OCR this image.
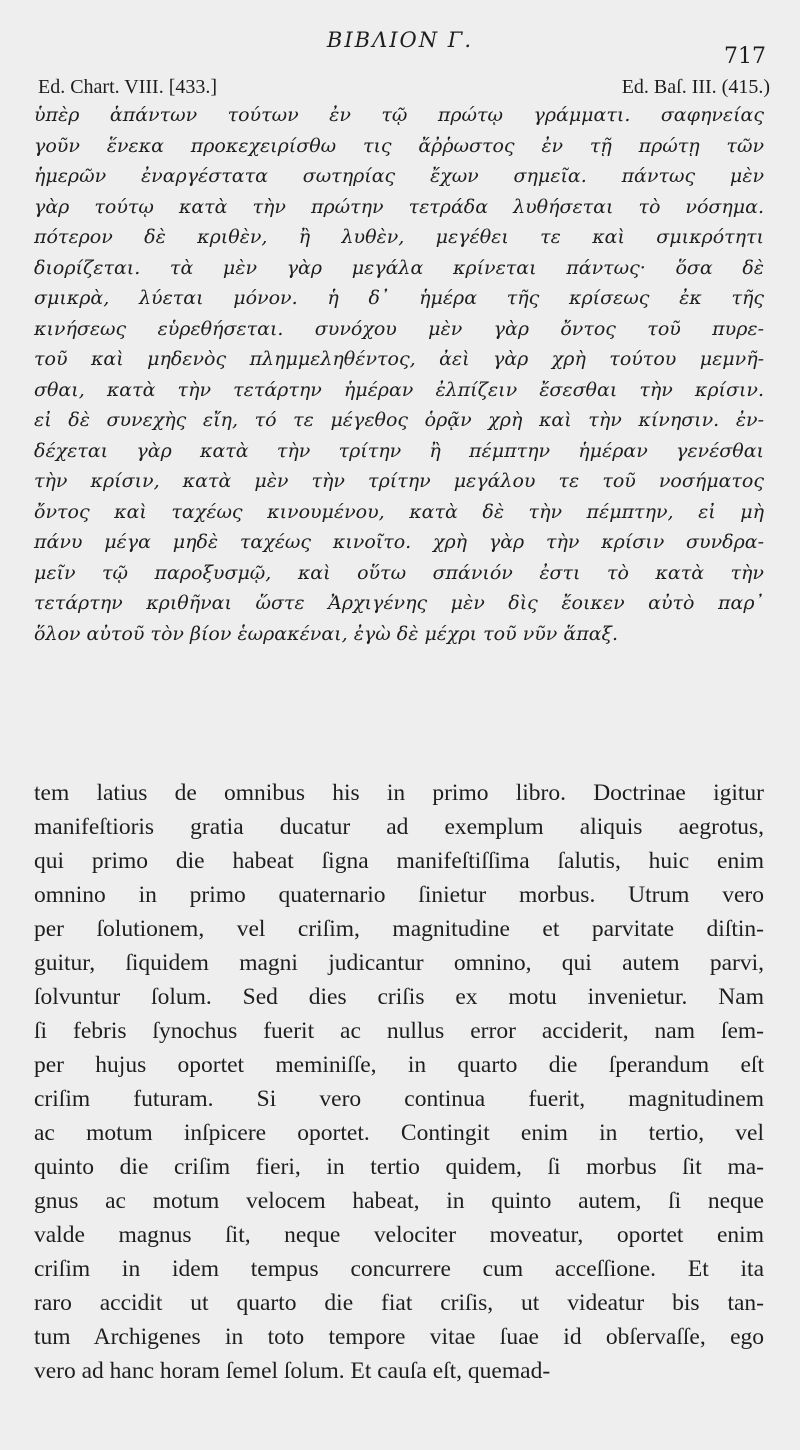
BIBΛION Γ.
717
Ed. Chart. VIII. [433.]	Ed. Baſ. III. (415.)
ὑπὲρ ἁπάντων τούτων ἐν τῷ πρώτῳ γράμματι. σαφηνείας
γοῦν ἕνεκα προκεχειρίσθω τις ἄῤῥωστος ἐν τῇ πρώτῃ τῶν
ἡμερῶν ἐναργέστατα σωτηρίας ἔχων σημεῖα. πάντως μὲν
γὰρ τούτῳ κατὰ τὴν πρώτην τετράδα λυθήσεται τὸ νόσημα.
πότερον δὲ κριθὲν, ἢ λυθὲν, μεγέθει τε καὶ σμικρότητι
διορίζεται. τὰ μὲν γὰρ μεγάλα κρίνεται πάντως· ὅσα δὲ
σμικρὰ, λύεται μόνον. ἡ δ᾽ ἡμέρα τῆς κρίσεως ἐκ τῆς
κινήσεως εὑρεθήσεται. συνόχου μὲν γὰρ ὄντος τοῦ πυρε-
τοῦ καὶ μηδενὸς πλημμεληθέντος, ἀεὶ γὰρ χρὴ τούτου μεμνῆ-
σθαι, κατὰ τὴν τετάρτην ἡμέραν ἐλπίζειν ἔσεσθαι τὴν κρίσιν.
εἰ δὲ συνεχὴς εἴη, τό τε μέγεθος ὁρᾷν χρὴ καὶ τὴν κίνησιν. ἐν-
δέχεται γὰρ κατὰ τὴν τρίτην ἢ πέμπτην ἡμέραν γενέσθαι
τὴν κρίσιν, κατὰ μὲν τὴν τρίτην μεγάλου τε τοῦ νοσήματος
ὄντος καὶ ταχέως κινουμένου, κατὰ δὲ τὴν πέμπτην, εἰ μὴ
πάνυ μέγα μηδὲ ταχέως κινοῖτο. χρὴ γὰρ τὴν κρίσιν συνδρα-
μεῖν τῷ παροξυσμῷ, καὶ οὕτω σπάνιόν ἐστι τὸ κατὰ τὴν
τετάρτην κριθῆναι ὥστε Ἀρχιγένης μὲν δὶς ἔοικεν αὐτὸ παρ᾽
ὅλον αὐτοῦ τὸν βίον ἑωρακέναι, ἐγὼ δὲ μέχρι τοῦ νῦν ἅπαξ.
tem latius de omnibus his in primo libro. Doctrinae igitur
manifeſtioris gratia ducatur ad exemplum aliquis aegrotus,
qui primo die habeat ſigna manifeſtiſſima ſalutis, huic enim
omnino in primo quaternario ſinietur morbus. Utrum vero
per ſolutionem, vel criſim, magnitudine et parvitate diſtin-
guitur, ſiquidem magni judicantur omnino, qui autem parvi,
ſolvuntur ſolum. Sed dies criſis ex motu invenietur. Nam
ſi febris ſynochus fuerit ac nullus error acciderit, nam ſem-
per hujus oportet meminiſſe, in quarto die ſperandum eſt
criſim futuram. Si vero continua fuerit, magnitudinem
ac motum inſpicere oportet. Contingit enim in tertio, vel
quinto die criſim fieri, in tertio quidem, ſi morbus ſit ma-
gnus ac motum velocem habeat, in quinto autem, ſi neque
valde magnus ſit, neque velociter moveatur, oportet enim
criſim in idem tempus concurrere cum acceſſione. Et ita
raro accidit ut quarto die fiat criſis, ut videatur bis tan-
tum Archigenes in toto tempore vitae ſuae id obſervaſſe, ego
vero ad hanc horam ſemel ſolum. Et cauſa eſt, quemad-
